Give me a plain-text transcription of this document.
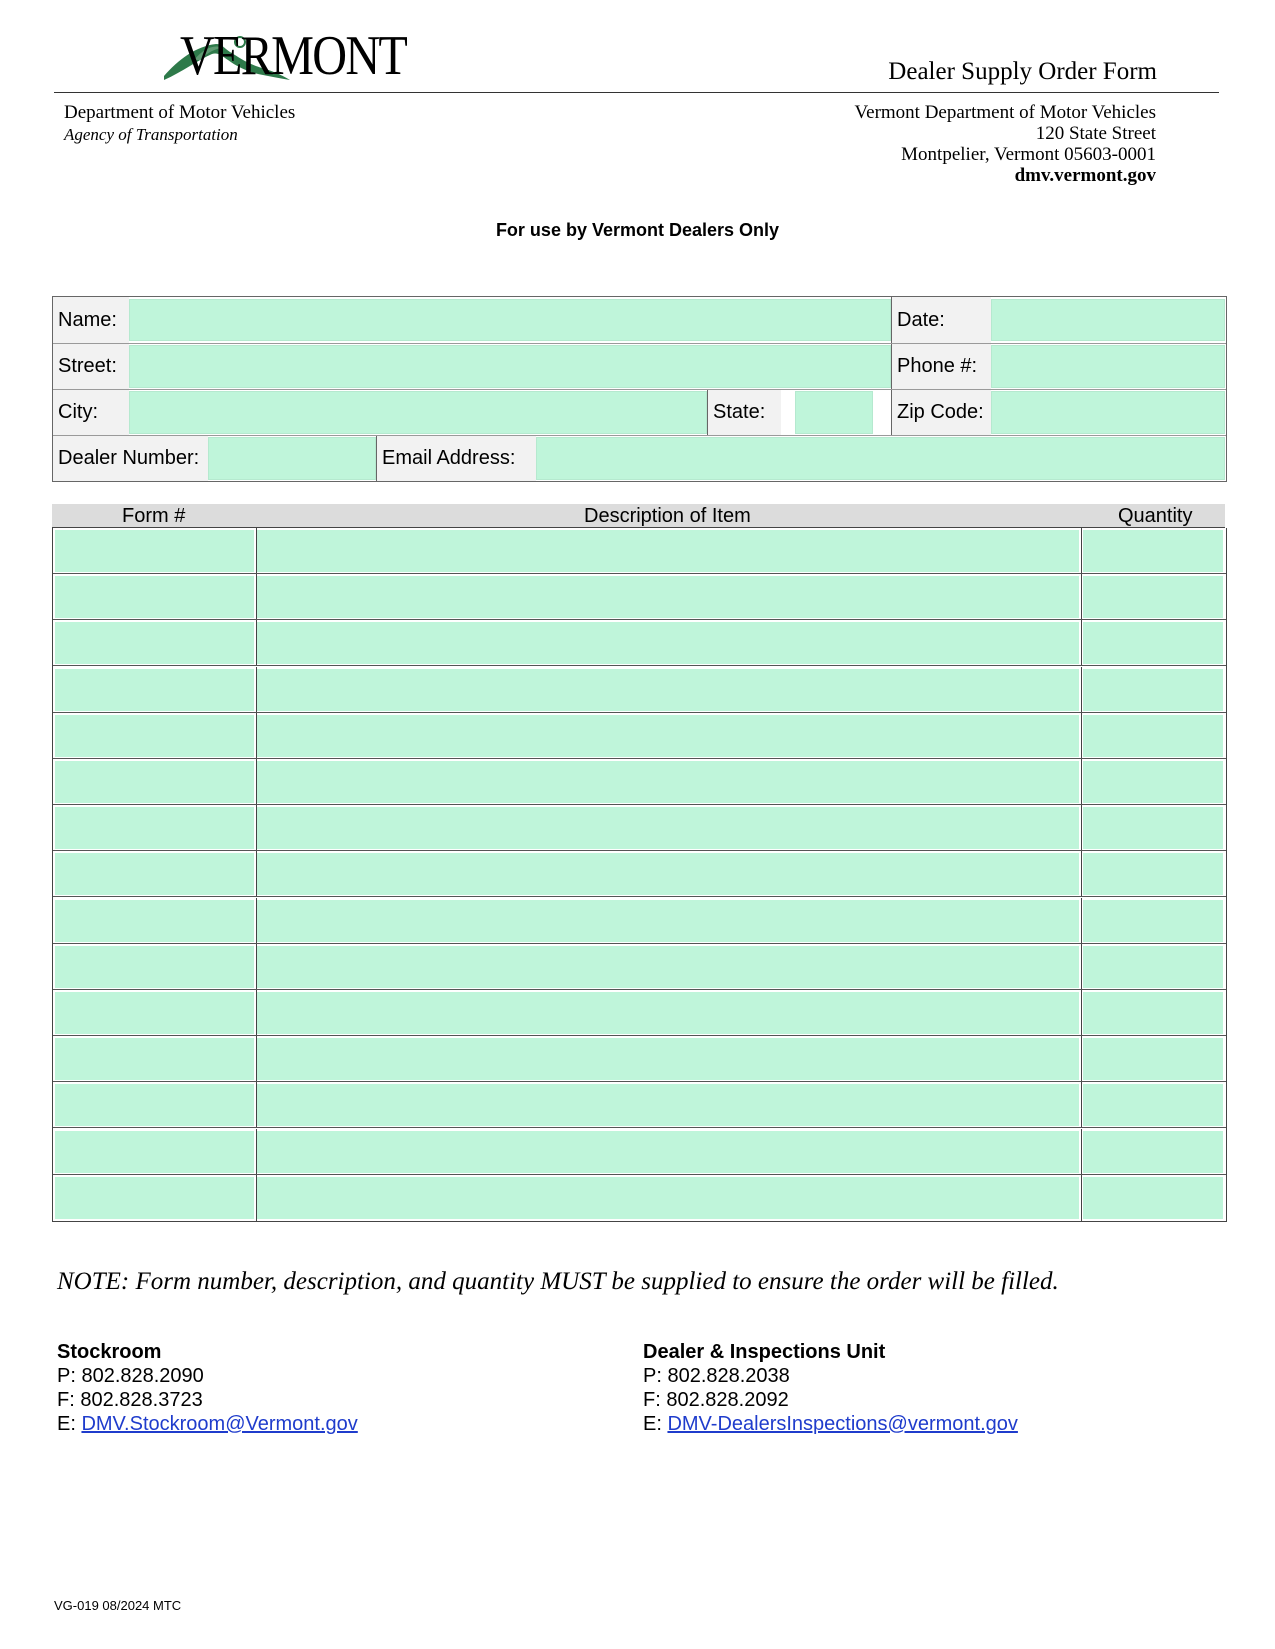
VERMONT	Dealer Supply Order Form
Department of Motor Vehicles
Agency of Transportation
Vermont Department of Motor Vehicles
120 State Street
Montpelier, Vermont 05603-0001
dmv.vermont.gov
For use by Vermont Dealers Only
Name:	Date:
Street:	Phone #:
City:	State:	Zip Code:
Dealer Number:	Email Address:
Form #	Description of Item	Quantity
NOTE: Form number, description, and quantity MUST be supplied to ensure the order will be filled.
Stockroom
P: 802.828.2090
F: 802.828.3723
E: DMV.Stockroom@Vermont.gov
Dealer & Inspections Unit
P: 802.828.2038
F: 802.828.2092
E: DMV-DealersInspections@vermont.gov
VG-019 08/2024 MTC
